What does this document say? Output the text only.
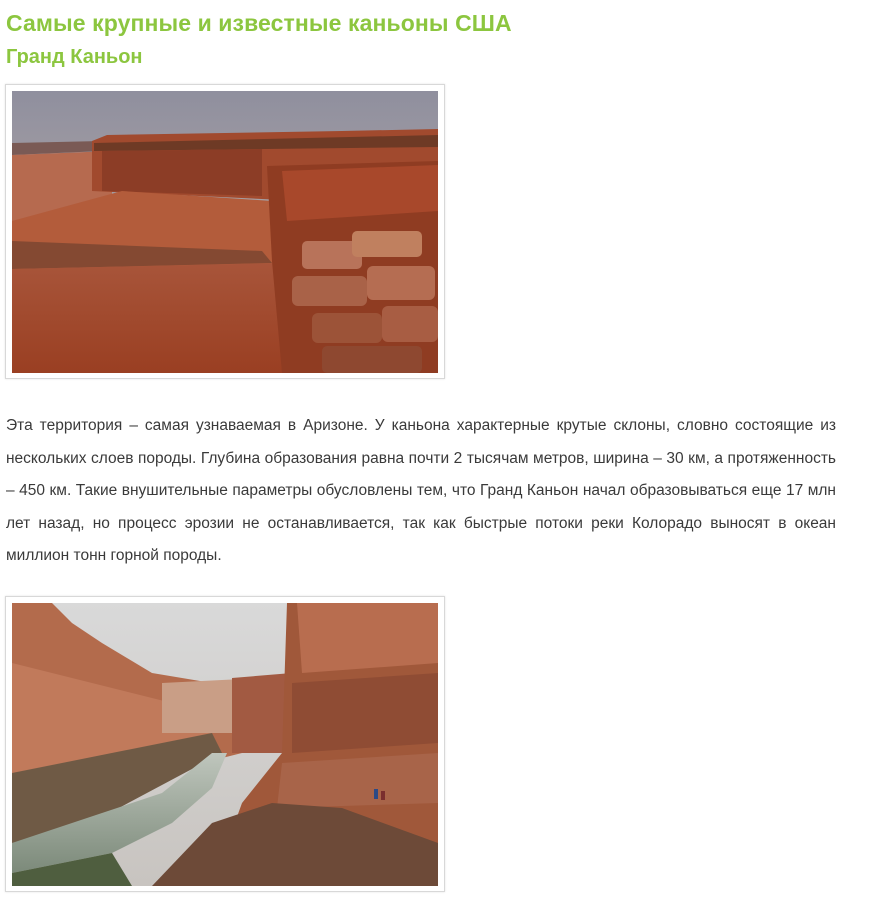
Самые крупные и известные каньоны США
Гранд Каньон

Эта территория – самая узнаваемая в Аризоне. У каньона характерные крутые склоны, словно состоящие из нескольких слоев породы. Глубина образования равна почти 2 тысячам метров, ширина – 30 км, а протяженность – 450 км. Такие внушительные параметры обусловлены тем, что Гранд Каньон начал образовываться еще 17 млн лет назад, но процесс эрозии не останавливается, так как быстрые потоки реки Колорадо выносят в океан миллион тонн горной породы.
